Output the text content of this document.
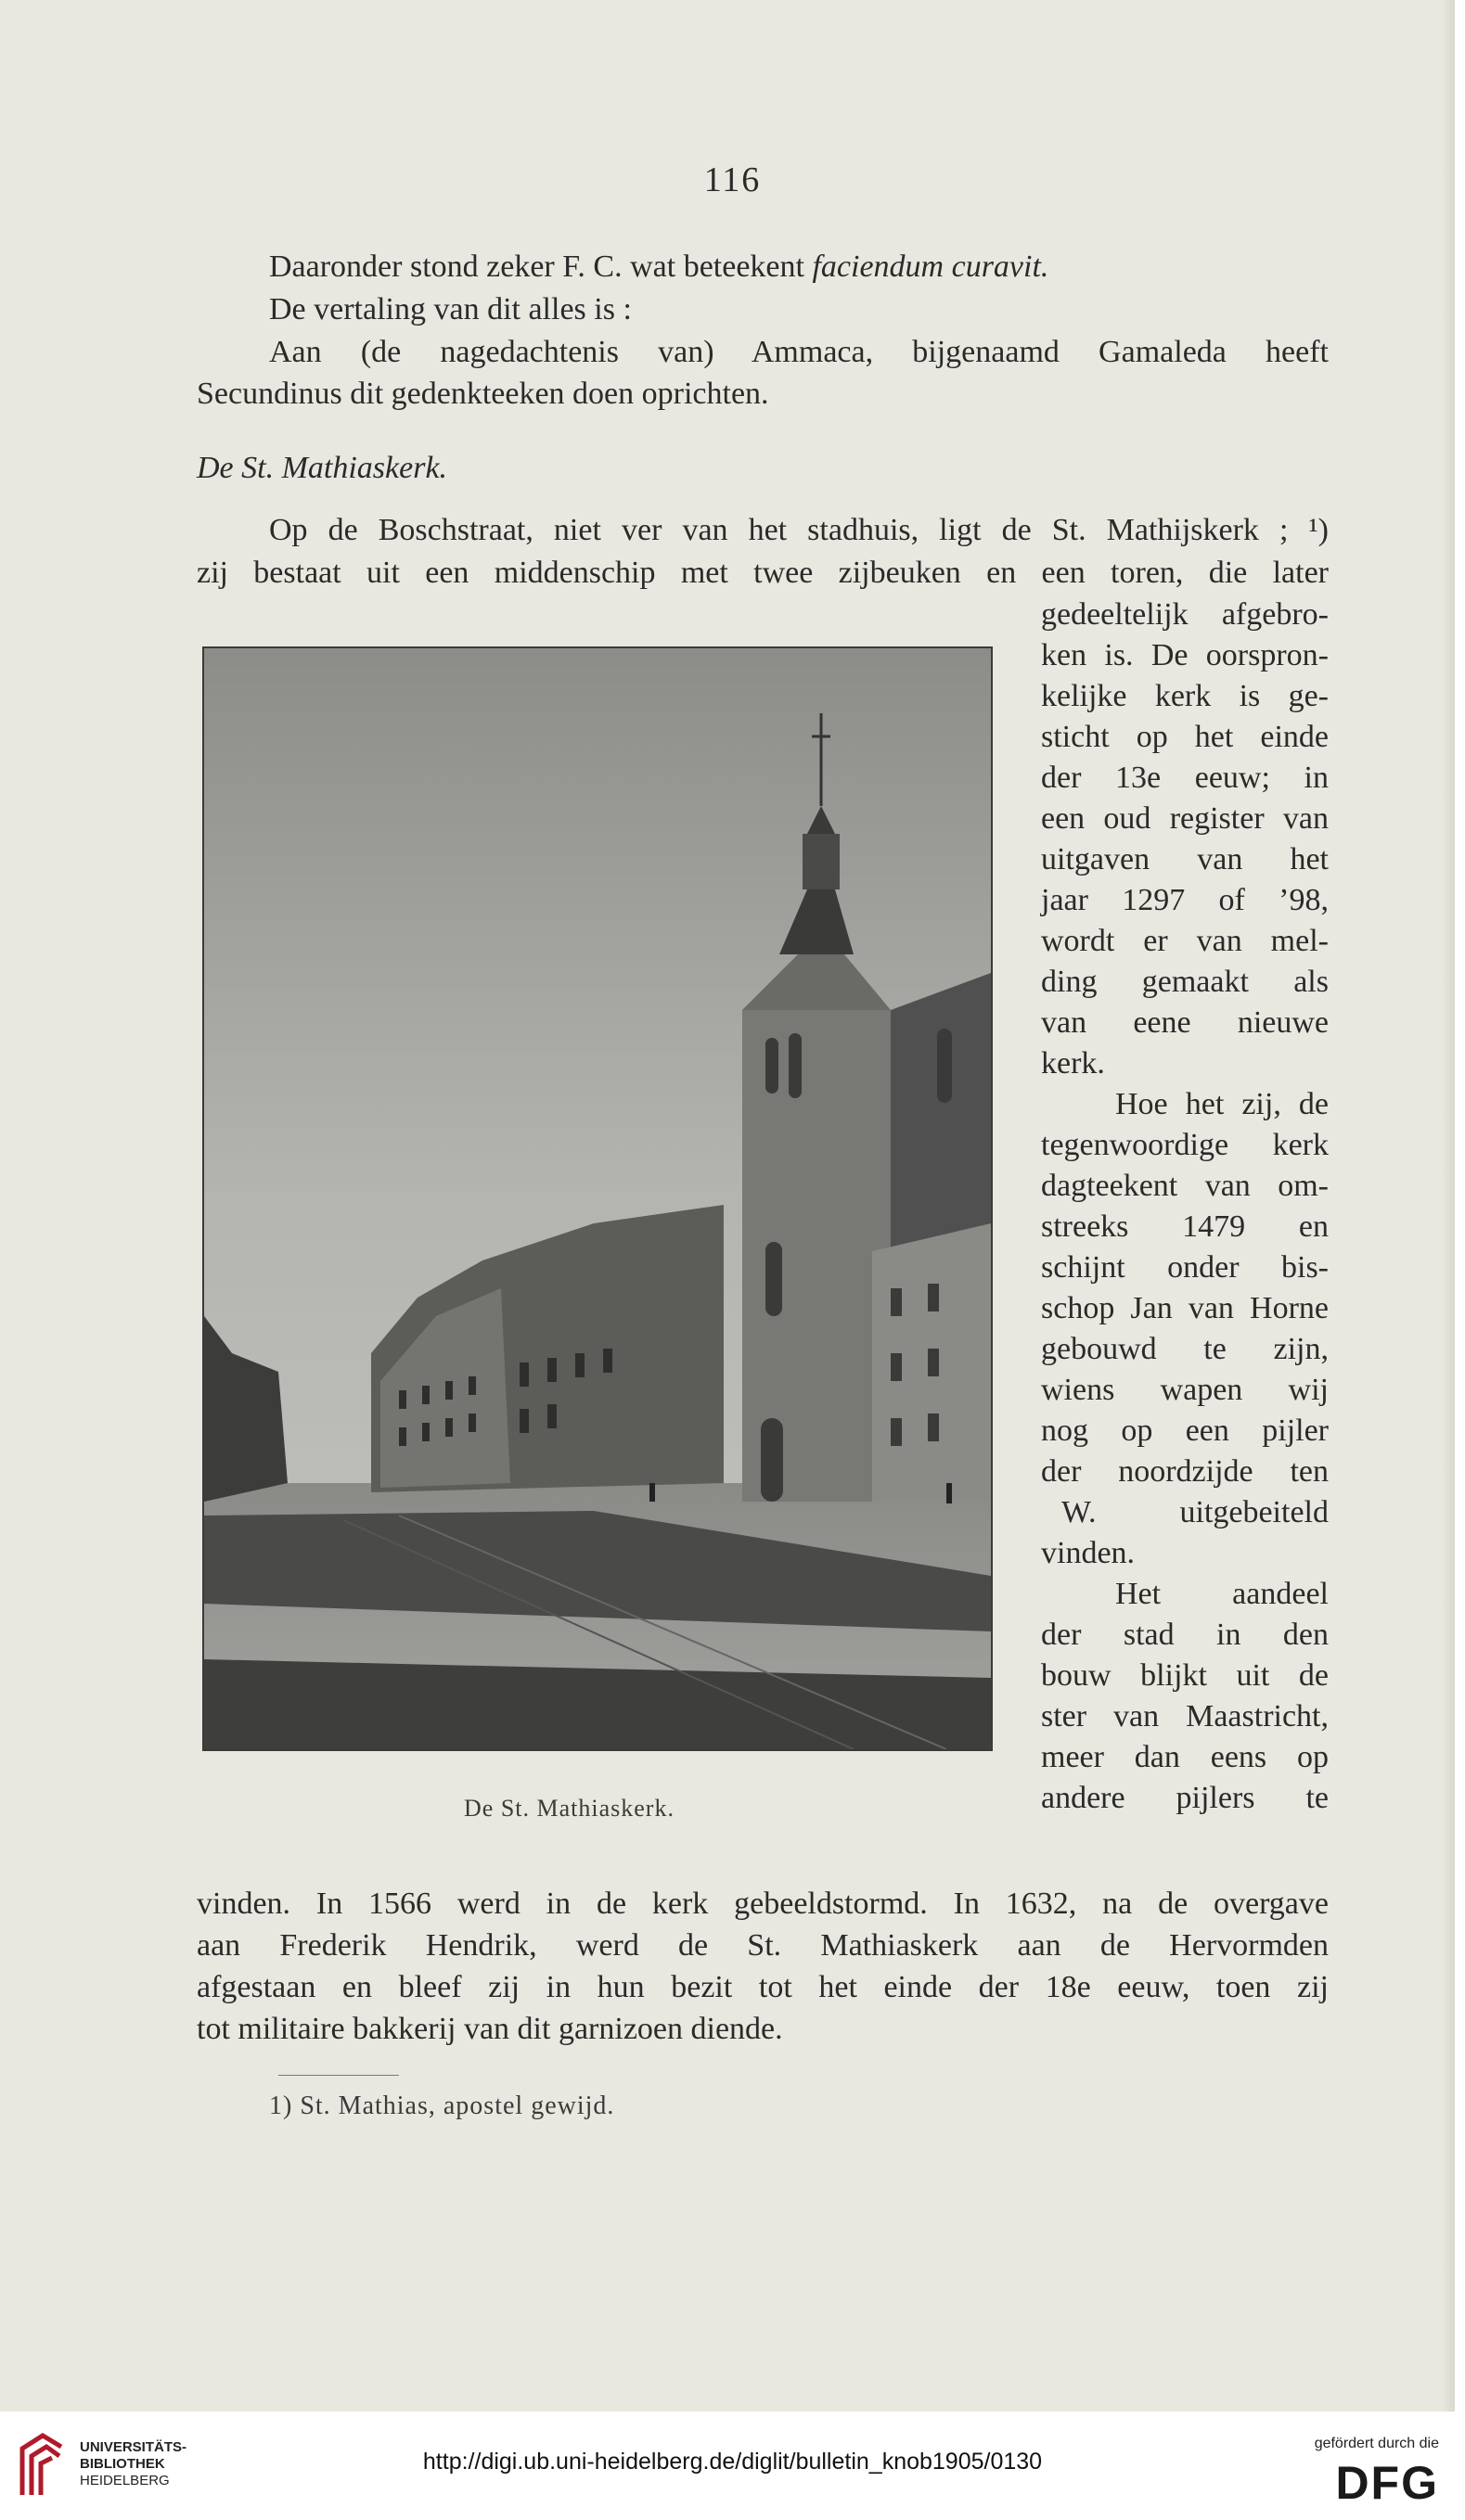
116
Daaronder stond zeker F. C. wat beteekent faciendum curavit.
De vertaling van dit alles is :
Aan (de nagedachtenis van) Ammaca, bijgenaamd Gamaleda heeft
Secundinus dit gedenkteeken doen oprichten.
De St. Mathiaskerk.
Op de Boschstraat, niet ver van het stadhuis, ligt de St. Mathijskerk ; ¹)
zij bestaat uit een middenschip met twee zijbeuken en een toren, die later
gedeeltelijk afgebro-
ken is. De oorspron-
kelijke kerk is ge-
sticht op het einde
der 13e eeuw; in
een oud register van
uitgaven van het
jaar 1297 of ’98,
wordt er van mel-
ding gemaakt als
van eene nieuwe
kerk.
Hoe het zij, de
tegenwoordige kerk
dagteekent van om-
streeks 1479 en
schijnt onder bis-
schop Jan van Horne
gebouwd te zijn,
wiens wapen wij
nog op een pijler
der noordzijde ten
W. uitgebeiteld
vinden.
Het aandeel
der stad in den
bouw blijkt uit de
ster van Maastricht,
meer dan eens op
andere pijlers te
De St. Mathiaskerk.
vinden. In 1566 werd in de kerk gebeeldstormd. In 1632, na de overgave
aan Frederik Hendrik, werd de St. Mathiaskerk aan de Hervormden
afgestaan en bleef zij in hun bezit tot het einde der 18e eeuw, toen zij
tot militaire bakkerij van dit garnizoen diende.
1) St. Mathias, apostel gewijd.
UNIVERSITÄTS-
BIBLIOTHEK
HEIDELBERG
http://digi.ub.uni-heidelberg.de/diglit/bulletin_knob1905/0130
gefördert durch die
DFG
